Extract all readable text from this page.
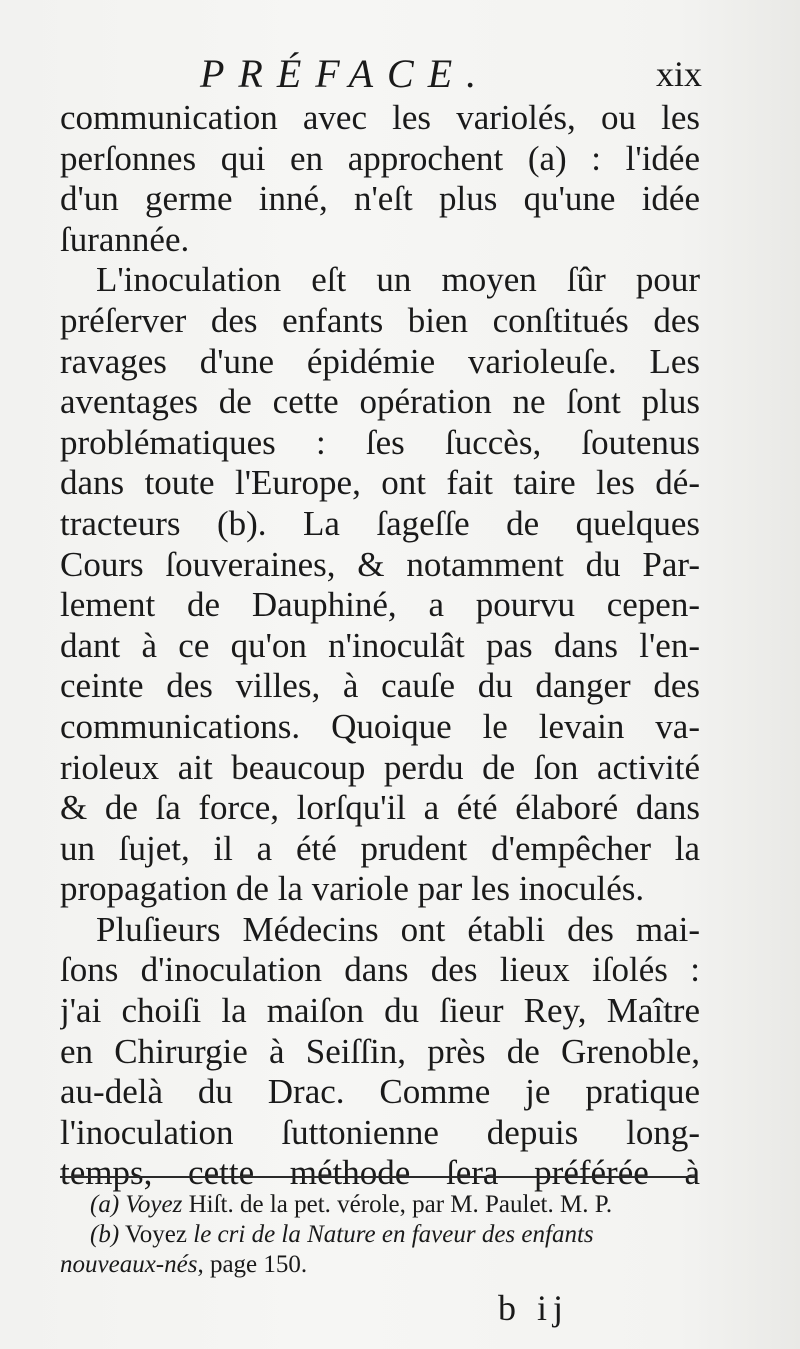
PRÉFACE.	xix
communication avec les variolés, ou les
perſonnes qui en approchent (a) : l'idée
d'un germe inné, n'eſt plus qu'une idée
ſurannée.
L'inoculation eſt un moyen ſûr pour
préſerver des enfants bien conſtitués des
ravages d'une épidémie varioleuſe. Les
aventages de cette opération ne ſont plus
problématiques : ſes ſuccès, ſoutenus
dans toute l'Europe, ont fait taire les dé-
tracteurs (b). La ſageſſe de quelques
Cours ſouveraines, & notamment du Par-
lement de Dauphiné, a pourvu cepen-
dant à ce qu'on n'inoculât pas dans l'en-
ceinte des villes, à cauſe du danger des
communications. Quoique le levain va-
rioleux ait beaucoup perdu de ſon activité
& de ſa force, lorſqu'il a été élaboré dans
un ſujet, il a été prudent d'empêcher la
propagation de la variole par les inoculés.
Pluſieurs Médecins ont établi des mai-
ſons d'inoculation dans des lieux iſolés :
j'ai choiſi la maiſon du ſieur Rey, Maître
en Chirurgie à Seiſſin, près de Grenoble,
au-delà du Drac. Comme je pratique
l'inoculation ſuttonienne depuis long-
temps, cette méthode ſera préférée à
(a) Voyez Hiſt. de la pet. vérole, par M. Paulet. M. P.
(b) Voyez le cri de la Nature en faveur des enfants
nouveaux-nés, page 150.
b ij
